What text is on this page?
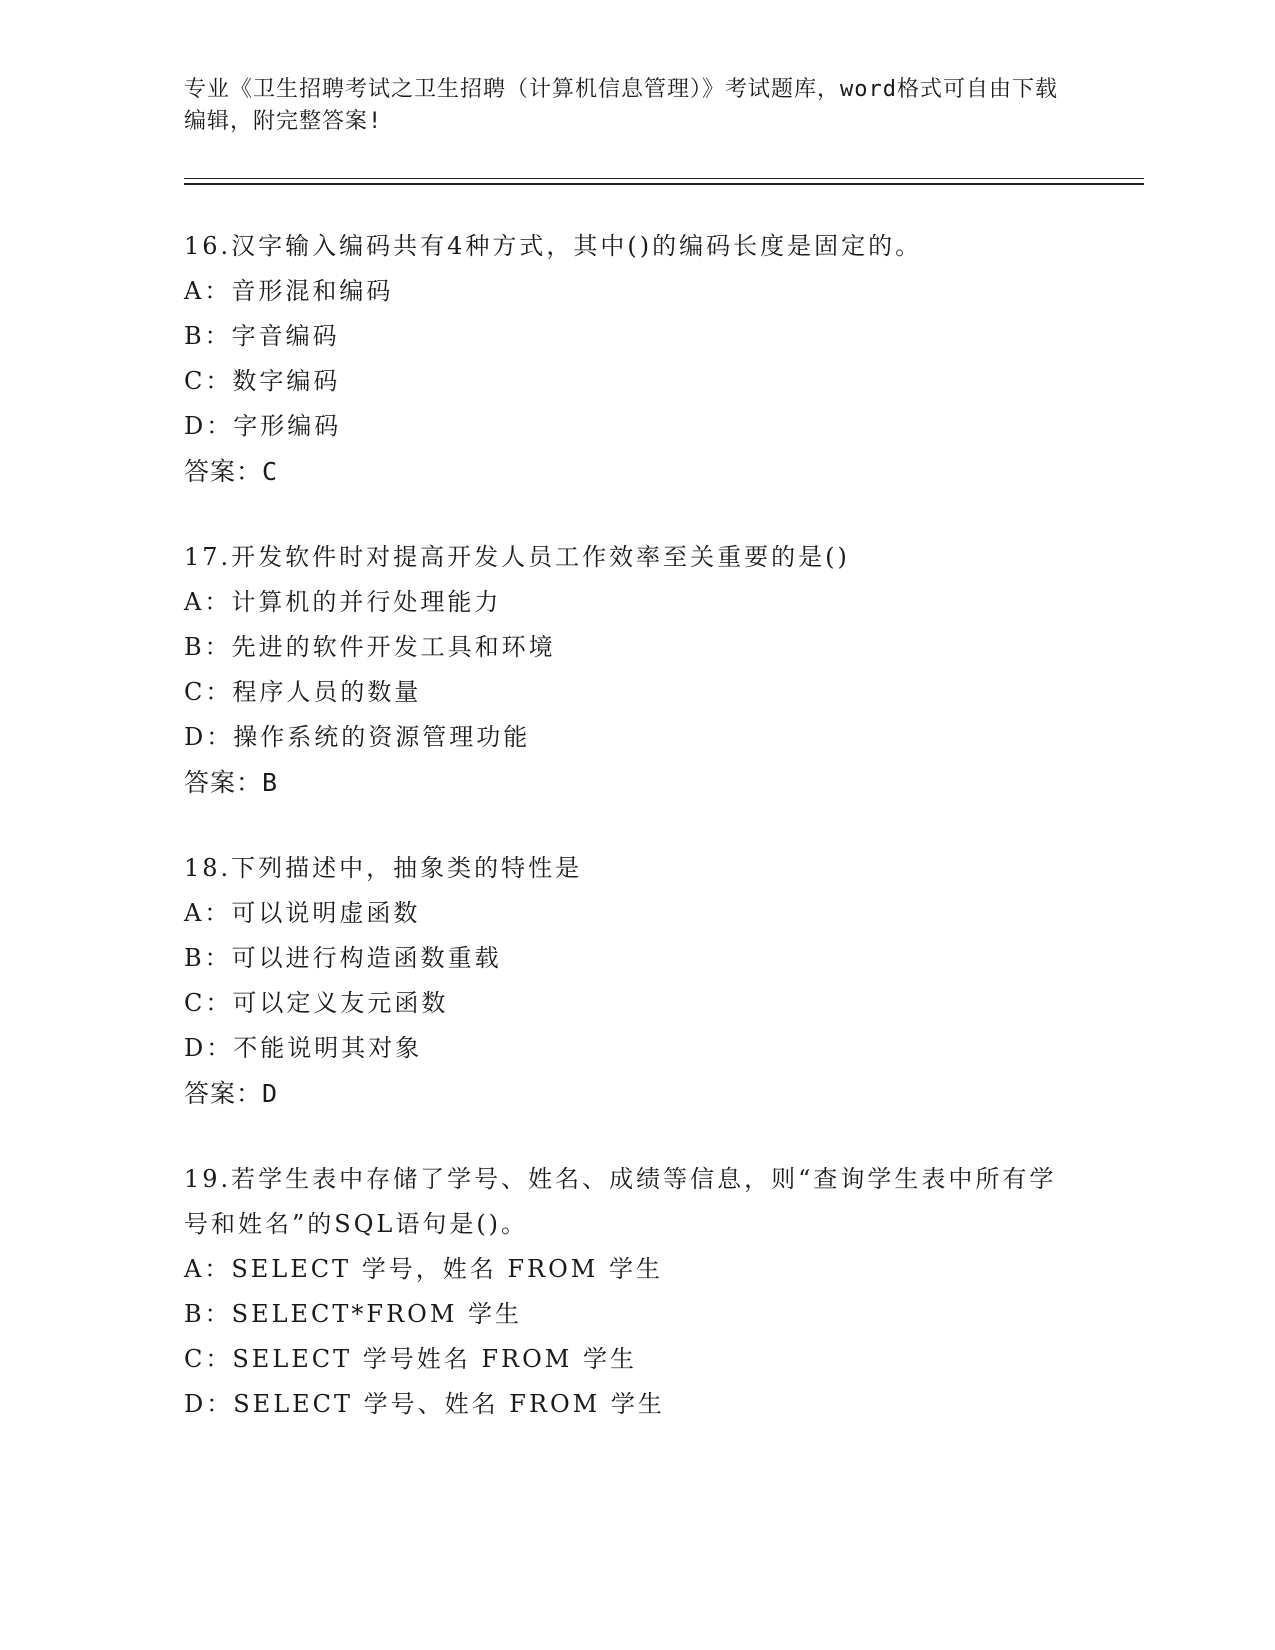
专业《卫生招聘考试之卫生招聘（计算机信息管理）》考试题库，word格式可自由下载编辑，附完整答案!
16.汉字输入编码共有4种方式，其中()的编码长度是固定的。
A：音形混和编码
B：字音编码
C：数字编码
D：字形编码
答案：C
17.开发软件时对提高开发人员工作效率至关重要的是()
A：计算机的并行处理能力
B：先进的软件开发工具和环境
C：程序人员的数量
D：操作系统的资源管理功能
答案：B
18.下列描述中，抽象类的特性是
A：可以说明虚函数
B：可以进行构造函数重载
C：可以定义友元函数
D：不能说明其对象
答案：D
19.若学生表中存储了学号、姓名、成绩等信息，则“查询学生表中所有学号和姓名”的SQL语句是()。
A：SELECT 学号，姓名 FROM 学生
B：SELECT*FROM 学生
C：SELECT 学号姓名 FROM 学生
D：SELECT 学号、姓名 FROM 学生
